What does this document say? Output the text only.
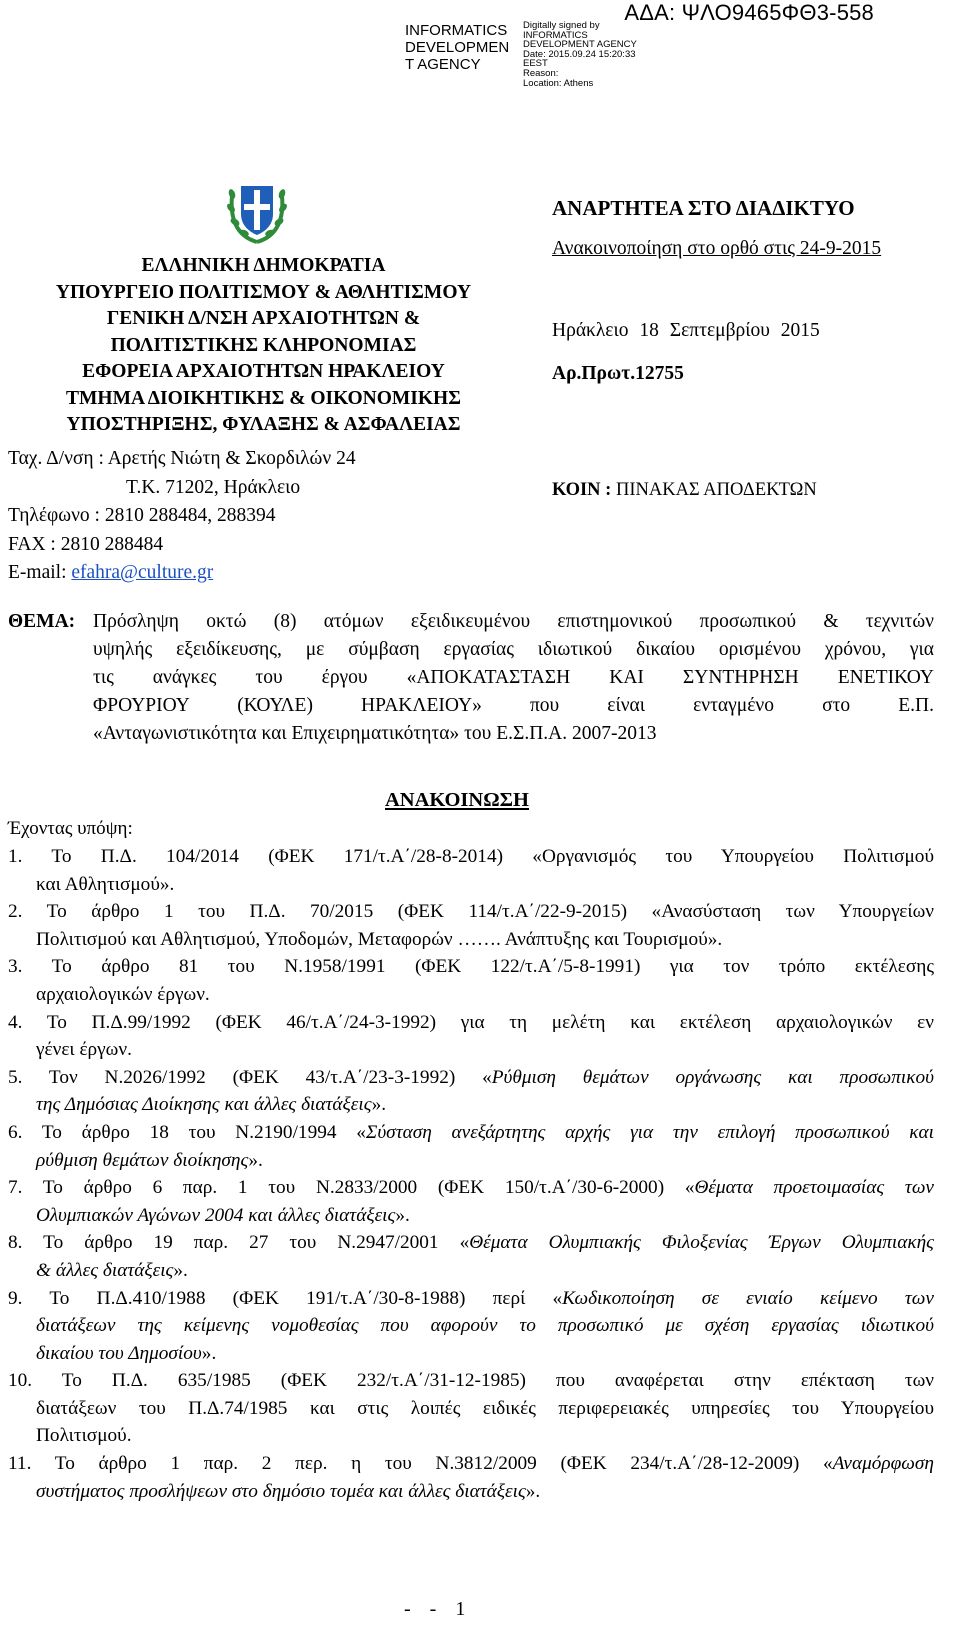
INFORMATICS
DEVELOPMEN
T AGENCY
Digitally signed by
INFORMATICS
DEVELOPMENT AGENCY
Date: 2015.09.24 15:20:33
EEST
Reason:
Location: Athens
ΑΔΑ: ΨΛΟ9465ΦΘ3-558
ΕΛΛΗΝΙΚΗ ΔΗΜΟΚΡΑΤΙΑ
ΥΠΟΥΡΓΕΙΟ ΠΟΛΙΤΙΣΜΟΥ & ΑΘΛΗΤΙΣΜΟΥ
ΓΕΝΙΚΗ Δ/ΝΣΗ ΑΡΧΑΙΟΤΗΤΩΝ &
ΠΟΛΙΤΙΣΤΙΚΗΣ ΚΛΗΡΟΝΟΜΙΑΣ
ΕΦΟΡΕΙΑ ΑΡΧΑΙΟΤΗΤΩΝ ΗΡΑΚΛΕΙΟΥ
ΤΜΗΜΑ ΔΙΟΙΚΗΤΙΚΗΣ & ΟΙΚΟΝΟΜΙΚΗΣ
ΥΠΟΣΤΗΡΙΞΗΣ, ΦΥΛΑΞΗΣ & ΑΣΦΑΛΕΙΑΣ
Ταχ. Δ/νση : Αρετής Νιώτη & Σκορδιλών 24
Τ.Κ. 71202, Ηράκλειο
Τηλέφωνο : 2810 288484, 288394
FAX : 2810 288484
E-mail: efahra@culture.gr
ΑΝΑΡΤΗΤΕΑ ΣΤΟ ΔΙΑΔΙΚΤΥΟ
Ανακοινοποίηση στο ορθό στις 24-9-2015
Ηράκλειο 18 Σεπτεμβρίου 2015
Αρ.Πρωτ.12755
ΚΟΙΝ : ΠΙΝΑΚΑΣ ΑΠΟΔΕΚΤΩΝ
ΘΕΜΑ: Πρόσληψη οκτώ (8) ατόμων εξειδικευμένου επιστημονικού προσωπικού & τεχνιτών
υψηλής εξειδίκευσης, με σύμβαση εργασίας ιδιωτικού δικαίου ορισμένου χρόνου, για
τις ανάγκες του έργου «ΑΠΟΚΑΤΑΣΤΑΣΗ ΚΑΙ ΣΥΝΤΗΡΗΣΗ ΕΝΕΤΙΚΟΥ
ΦΡΟΥΡΙΟΥ (ΚΟΥΛΕ) ΗΡΑΚΛΕΙΟΥ» που είναι ενταγμένο στο Ε.Π.
«Ανταγωνιστικότητα και Επιχειρηματικότητα» του Ε.Σ.Π.Α. 2007-2013
ΑΝΑΚΟΙΝΩΣΗ
Έχοντας υπόψη:
1. Το Π.Δ. 104/2014 (ΦΕΚ 171/τ.Α΄/28-8-2014) «Οργανισμός του Υπουργείου Πολιτισμού
και Αθλητισμού».
2. Το άρθρο 1 του Π.Δ. 70/2015 (ΦΕΚ 114/τ.Α΄/22-9-2015) «Ανασύσταση των Υπουργείων
Πολιτισμού και Αθλητισμού, Υποδομών, Μεταφορών ……. Ανάπτυξης και Τουρισμού».
3. Το άρθρο 81 του Ν.1958/1991 (ΦΕΚ 122/τ.Α΄/5-8-1991) για τον τρόπο εκτέλεσης
αρχαιολογικών έργων.
4. Το Π.Δ.99/1992 (ΦΕΚ 46/τ.Α΄/24-3-1992) για τη μελέτη και εκτέλεση αρχαιολογικών εν
γένει έργων.
5. Τον Ν.2026/1992 (ΦΕΚ 43/τ.Α΄/23-3-1992) «Ρύθμιση θεμάτων οργάνωσης και προσωπικού
της Δημόσιας Διοίκησης και άλλες διατάξεις».
6. Το άρθρο 18 του Ν.2190/1994 «Σύσταση ανεξάρτητης αρχής για την επιλογή προσωπικού και
ρύθμιση θεμάτων διοίκησης».
7. Το άρθρο 6 παρ. 1 του Ν.2833/2000 (ΦΕΚ 150/τ.Α΄/30-6-2000) «Θέματα προετοιμασίας των
Ολυμπιακών Αγώνων 2004 και άλλες διατάξεις».
8. Το άρθρο 19 παρ. 27 του Ν.2947/2001 «Θέματα Ολυμπιακής Φιλοξενίας Έργων Ολυμπιακής
& άλλες διατάξεις».
9. Το Π.Δ.410/1988 (ΦΕΚ 191/τ.Α΄/30-8-1988) περί «Κωδικοποίηση σε ενιαίο κείμενο των
διατάξεων της κείμενης νομοθεσίας που αφορούν το προσωπικό με σχέση εργασίας ιδιωτικού
δικαίου του Δημοσίου».
10. Το Π.Δ. 635/1985 (ΦΕΚ 232/τ.Α΄/31-12-1985) που αναφέρεται στην επέκταση των
διατάξεων του Π.Δ.74/1985 και στις λοιπές ειδικές περιφερειακές υπηρεσίες του Υπουργείου
Πολιτισμού.
11. Το άρθρο 1 παρ. 2 περ. η του Ν.3812/2009 (ΦΕΚ 234/τ.Α΄/28-12-2009) «Αναμόρφωση
συστήματος προσλήψεων στο δημόσιο τομέα και άλλες διατάξεις».
- - 1
